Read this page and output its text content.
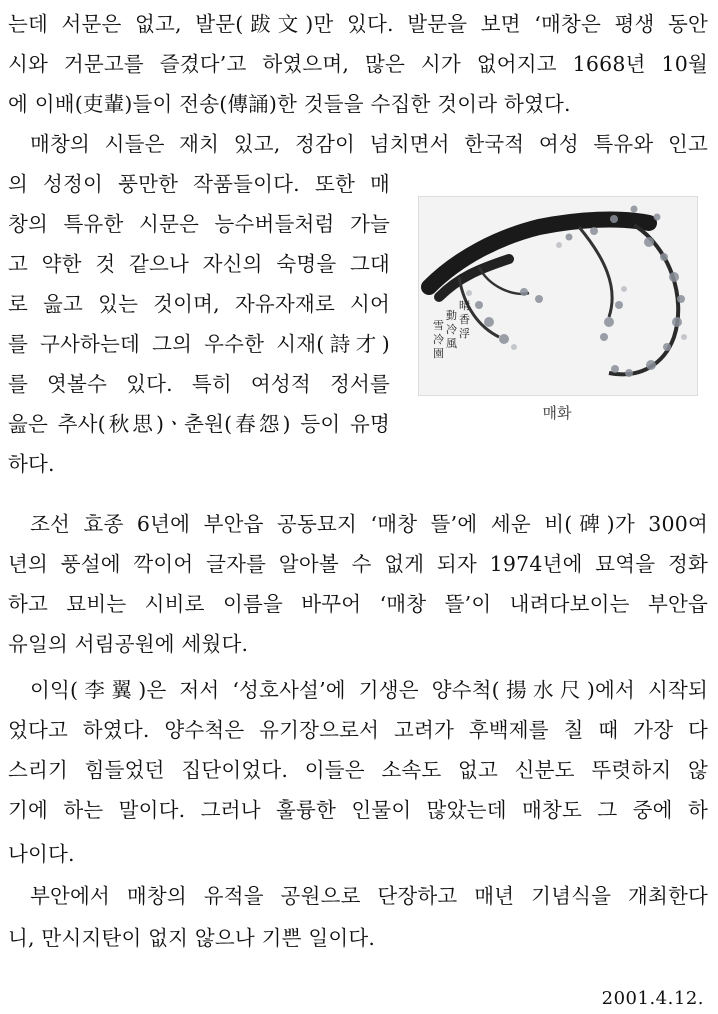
는데 서문은 없고, 발문(跋文)만 있다. 발문을 보면 ‘매창은 평생 동안
시와 거문고를 즐겼다’고 하였으며, 많은 시가 없어지고 1668년 10월
에 이배(吏輩)들이 전송(傳誦)한 것들을 수집한 것이라 하였다.
매창의 시들은 재치 있고, 정감이 넘치면서 한국적 여성 특유와 인고
의 성정이 풍만한 작품들이다. 또한 매
창의 특유한 시문은 능수버들처럼 가늘
고 약한 것 같으나 자신의 숙명을 그대
로 읊고 있는 것이며, 자유자재로 시어
를 구사하는데 그의 우수한 시재(詩才)
를 엿볼수 있다. 특히 여성적 정서를
읊은 추사(秋思)ㆍ춘원(春怨) 등이 유명
하다.
晴
香
浮
動
冷
風
雪
冷
園
매화
조선 효종 6년에 부안읍 공동묘지 ‘매창 뜰’에 세운 비(碑)가 300여
년의 풍설에 깍이어 글자를 알아볼 수 없게 되자 1974년에 묘역을 정화
하고 묘비는 시비로 이름을 바꾸어 ‘매창 뜰’이 내려다보이는 부안읍
유일의 서림공원에 세웠다.
이익(李翼)은 저서 ‘성호사설’에 기생은 양수척(揚水尺)에서 시작되
었다고 하였다. 양수척은 유기장으로서 고려가 후백제를 칠 때 가장 다
스리기 힘들었던 집단이었다. 이들은 소속도 없고 신분도 뚜렷하지 않
기에 하는 말이다. 그러나 훌륭한 인물이 많았는데 매창도 그 중에 하
나이다.
부안에서 매창의 유적을 공원으로 단장하고 매년 기념식을 개최한다
니, 만시지탄이 없지 않으나 기쁜 일이다.
2001.4.12.
